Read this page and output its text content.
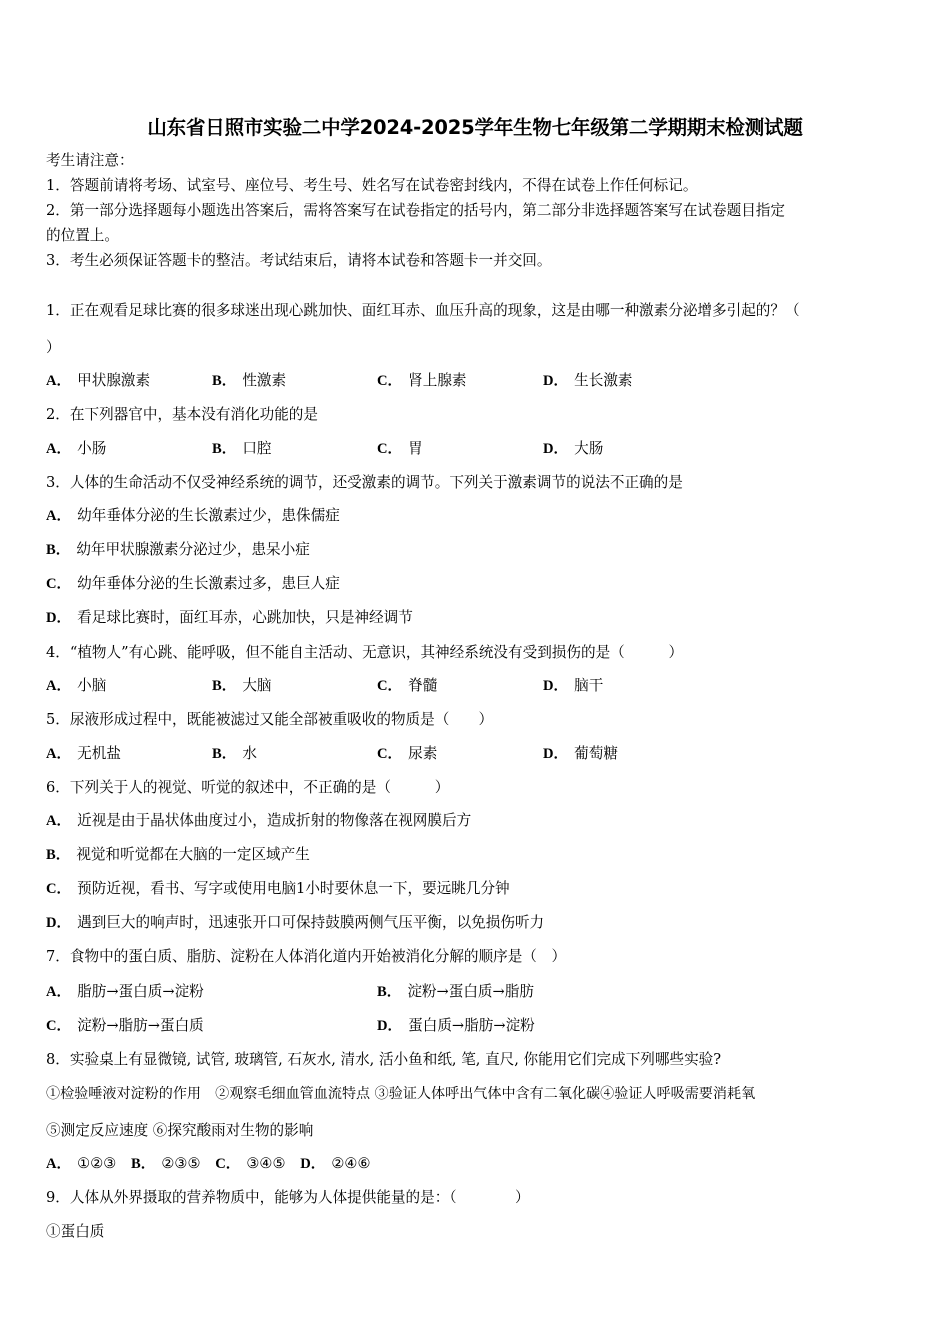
山东省日照市实验二中学2024-2025学年生物七年级第二学期期末检测试题
考生请注意：
1．答题前请将考场、试室号、座位号、考生号、姓名写在试卷密封线内，不得在试卷上作任何标记。
2．第一部分选择题每小题选出答案后，需将答案写在试卷指定的括号内，第二部分非选择题答案写在试卷题目指定
的位置上。
3．考生必须保证答题卡的整洁。考试结束后，请将本试卷和答题卡一并交回。
1．正在观看足球比赛的很多球迷出现心跳加快、面红耳赤、血压升高的现象，这是由哪一种激素分泌增多引起的？（
）
A． 甲状腺激素	B． 性激素	C． 肾上腺素	D． 生长激素
2．在下列器官中，基本没有消化功能的是
A． 小肠	B． 口腔	C． 胃	D． 大肠
3．人体的生命活动不仅受神经系统的调节，还受激素的调节。下列关于激素调节的说法不正确的是
A． 幼年垂体分泌的生长激素过少，患侏儒症
B． 幼年甲状腺激素分泌过少，患呆小症
C． 幼年垂体分泌的生长激素过多，患巨人症
D． 看足球比赛时，面红耳赤，心跳加快，只是神经调节
4．“植物人”有心跳、能呼吸，但不能自主活动、无意识，其神经系统没有受到损伤的是（　　　）
A． 小脑	B． 大脑	C． 脊髓	D． 脑干
5．尿液形成过程中，既能被滤过又能全部被重吸收的物质是（　　）
A． 无机盐	B． 水	C． 尿素	D． 葡萄糖
6．下列关于人的视觉、听觉的叙述中，不正确的是（　　　）
A． 近视是由于晶状体曲度过小，造成折射的物像落在视网膜后方
B． 视觉和听觉都在大脑的一定区域产生
C． 预防近视，看书、写字或使用电脑1小时要休息一下，要远眺几分钟
D． 遇到巨大的响声时，迅速张开口可保持鼓膜两侧气压平衡，以免损伤听力
7．食物中的蛋白质、脂肪、淀粉在人体消化道内开始被消化分解的顺序是（　）
A． 脂肪→蛋白质→淀粉	B． 淀粉→蛋白质→脂肪
C． 淀粉→脂肪→蛋白质	D． 蛋白质→脂肪→淀粉
8．实验桌上有显微镜, 试管, 玻璃管, 石灰水, 清水, 活小鱼和纸, 笔, 直尺, 你能用它们完成下列哪些实验?
①检验唾液对淀粉的作用　②观察毛细血管血流特点 ③验证人体呼出气体中含有二氧化碳④验证人呼吸需要消耗氧
⑤测定反应速度 ⑥探究酸雨对生物的影响
A． ①②③　 B． ②③⑤　 C． ③④⑤　 D． ②④⑥
9．人体从外界摄取的营养物质中，能够为人体提供能量的是：（　　　　）
①蛋白质
